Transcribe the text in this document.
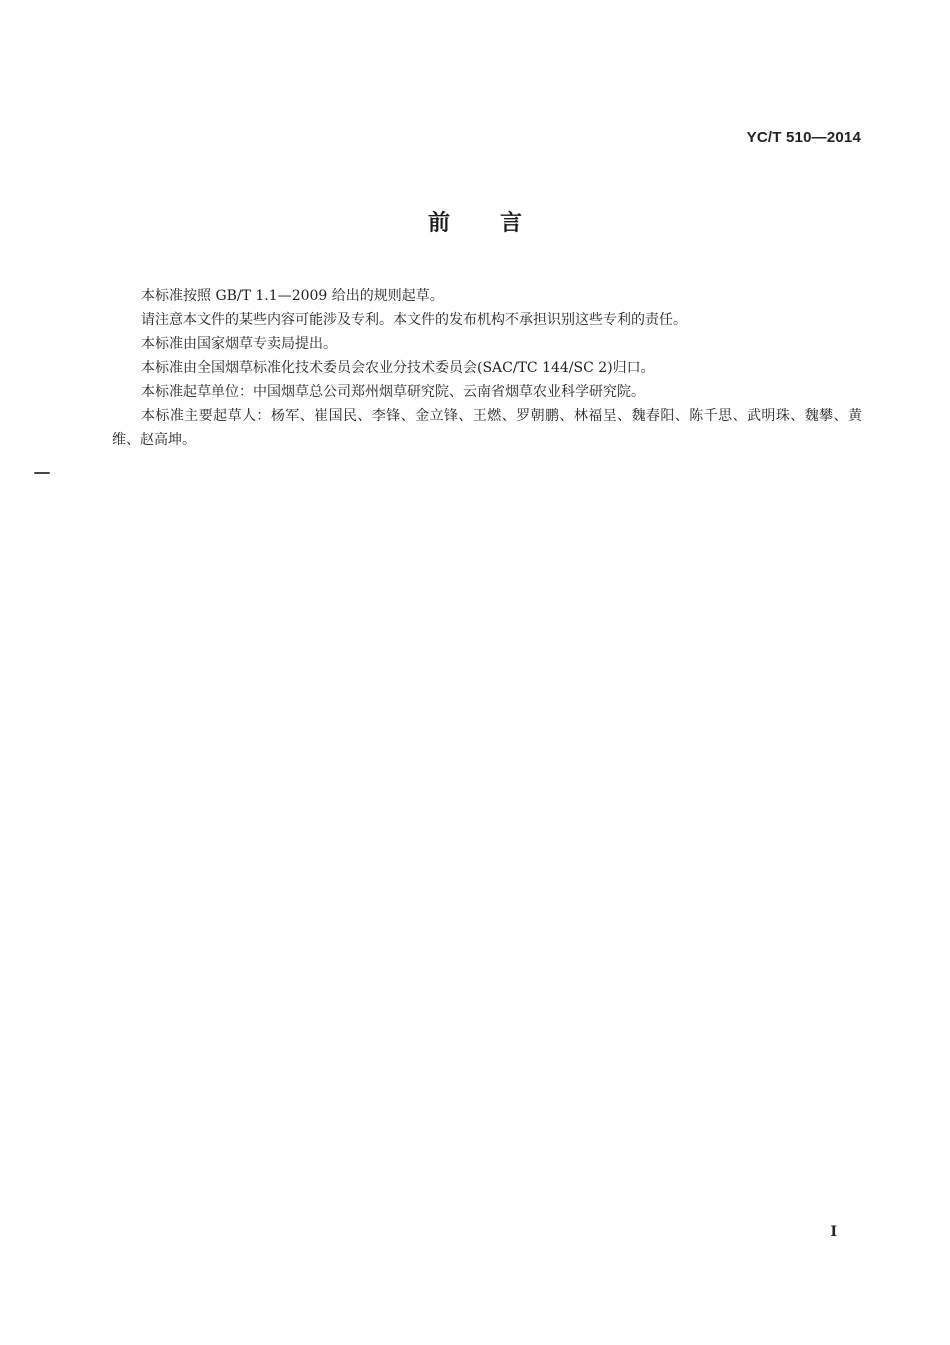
YC/T 510—2014
前言

本标准按照 GB/T 1.1—2009 给出的规则起草。

请注意本文件的某些内容可能涉及专利。本文件的发布机构不承担识别这些专利的责任。

本标准由国家烟草专卖局提出。

本标准由全国烟草标准化技术委员会农业分技术委员会(SAC/TC 144/SC 2)归口。

本标准起草单位：中国烟草总公司郑州烟草研究院、云南省烟草农业科学研究院。

本标准主要起草人：杨军、崔国民、李锋、金立锋、王燃、罗朝鹏、林福呈、魏春阳、陈千思、武明珠、魏攀、黄维、赵高坤。

I
